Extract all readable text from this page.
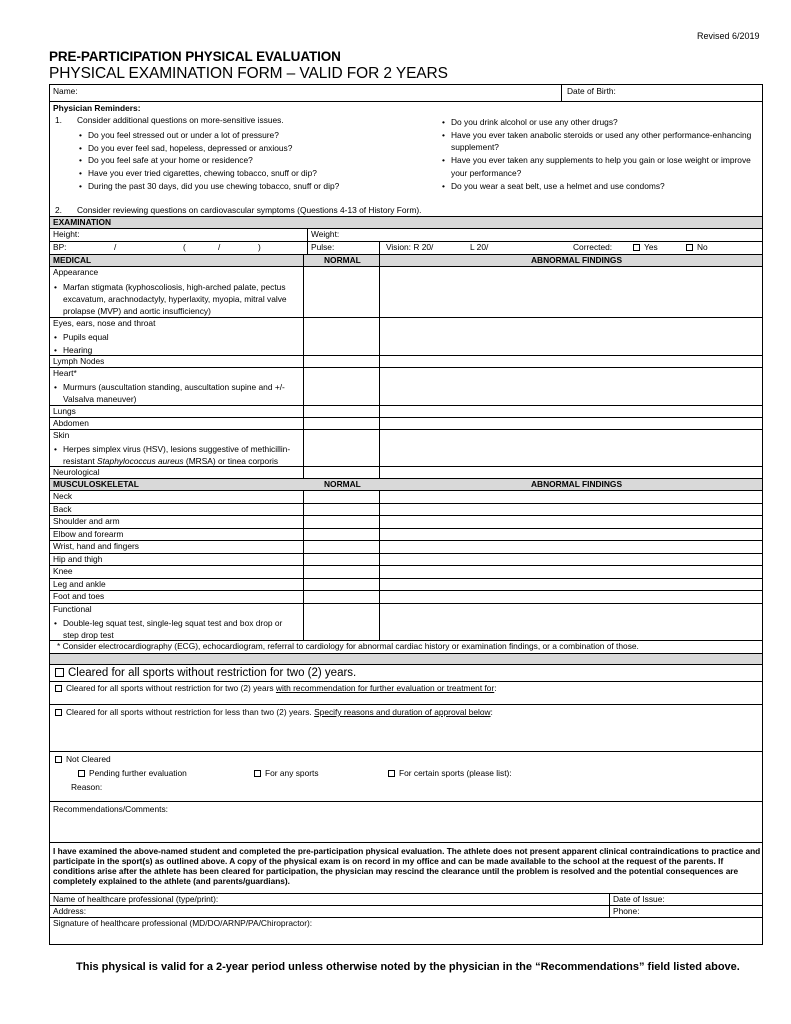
Revised 6/2019
PRE-PARTICIPATION PHYSICAL EVALUATION
PHYSICAL EXAMINATION FORM – VALID FOR 2 YEARS
Name:	Date of Birth:
Physician Reminders:
1. Consider additional questions on more-sensitive issues.
• Do you feel stressed out or under a lot of pressure?
• Do you ever feel sad, hopeless, depressed or anxious?
• Do you feel safe at your home or residence?
• Have you ever tried cigarettes, chewing tobacco, snuff or dip?
• During the past 30 days, did you use chewing tobacco, snuff or dip?
• Do you drink alcohol or use any other drugs?
• Have you ever taken anabolic steroids or used any other performance-enhancing supplement?
• Have you ever taken any supplements to help you gain or lose weight or improve your performance?
• Do you wear a seat belt, use a helmet and use condoms?
2. Consider reviewing questions on cardiovascular symptoms (Questions 4-13 of History Form).
EXAMINATION
Height:	Weight:
BP:	/	(	/	)	Pulse:	Vision: R 20/	L 20/	Corrected:	Yes	No
MEDICAL	NORMAL	ABNORMAL FINDINGS
Appearance
• Marfan stigmata (kyphoscoliosis, high-arched palate, pectus excavatum, arachnodactyly, hyperlaxity, myopia, mitral valve prolapse (MVP) and aortic insufficiency)
Eyes, ears, nose and throat
• Pupils equal
• Hearing
Lymph Nodes
Heart*
• Murmurs (auscultation standing, auscultation supine and +/- Valsalva maneuver)
Lungs
Abdomen
Skin
• Herpes simplex virus (HSV), lesions suggestive of methicillin-resistant Staphylococcus aureus (MRSA) or tinea corporis
Neurological
MUSCULOSKELETAL	NORMAL	ABNORMAL FINDINGS
Neck
Back
Shoulder and arm
Elbow and forearm
Wrist, hand and fingers
Hip and thigh
Knee
Leg and ankle
Foot and toes
Functional
• Double-leg squat test, single-leg squat test and box drop or step drop test
* Consider electrocardiography (ECG), echocardiogram, referral to cardiology for abnormal cardiac history or examination findings, or a combination of those.
Cleared for all sports without restriction for two (2) years.
Cleared for all sports without restriction for two (2) years with recommendation for further evaluation or treatment for:
Cleared for all sports without restriction for less than two (2) years. Specify reasons and duration of approval below:
Not Cleared
Pending further evaluation	For any sports	For certain sports (please list):
Reason:
Recommendations/Comments:
I have examined the above-named student and completed the pre-participation physical evaluation. The athlete does not present apparent clinical contraindications to practice and participate in the sport(s) as outlined above. A copy of the physical exam is on record in my office and can be made available to the school at the request of the parents. If conditions arise after the athlete has been cleared for participation, the physician may rescind the clearance until the problem is resolved and the potential consequences are completely explained to the athlete (and parents/guardians).
Name of healthcare professional (type/print):	Date of Issue:
Address:	Phone:
Signature of healthcare professional (MD/DO/ARNP/PA/Chiropractor):
This physical is valid for a 2-year period unless otherwise noted by the physician in the “Recommendations” field listed above.
